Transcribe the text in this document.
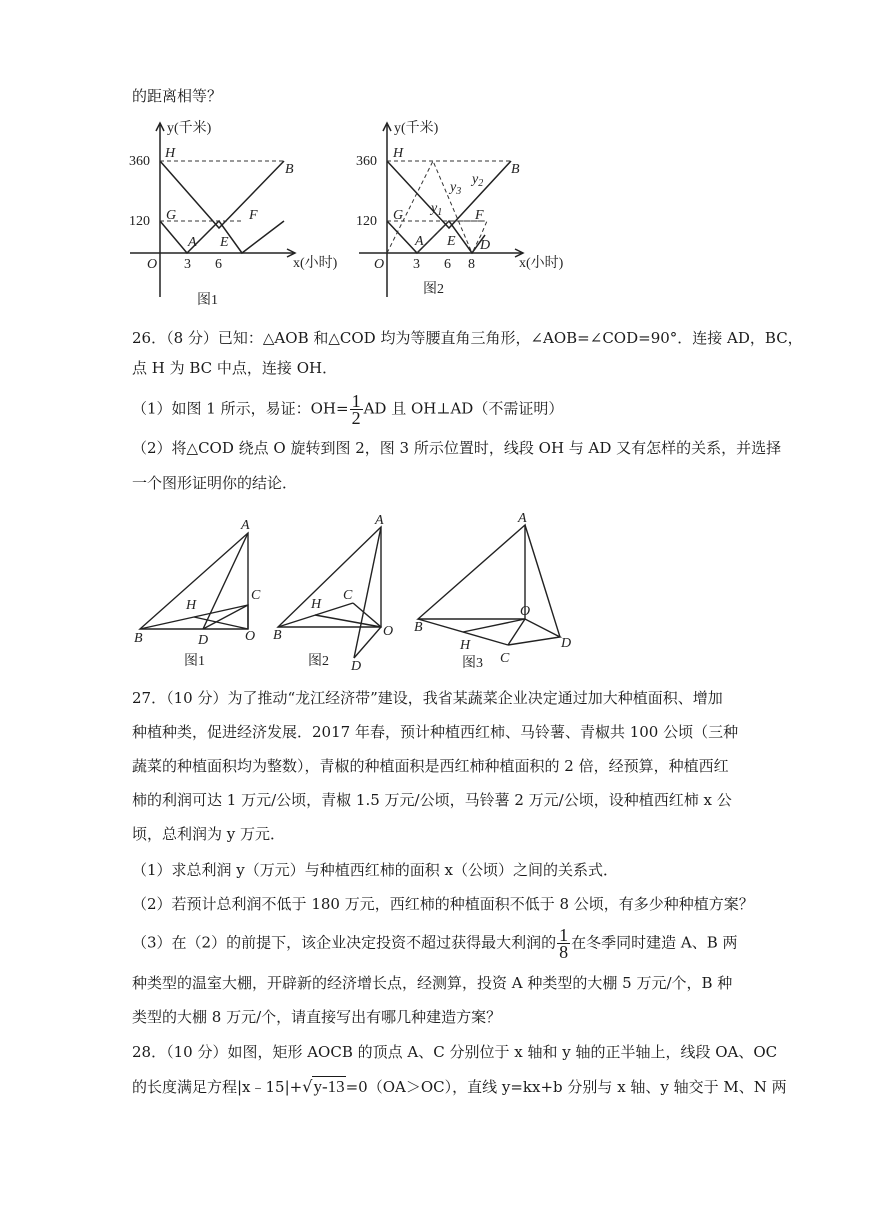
的距离相等？
y(千米)
x(小时)
O
360
120
3 6
H
B
G
A E
F
图1
y(千米)
x(小时)
O
360
120
3 6 8
H
B
G
A E
F
D
$y_3$
$y_2$
$y_1$
图2
26．（8 分）已知：△AOB 和△COD 均为等腰直角三角形，∠AOB=∠COD=90°．连接 AD，BC，
点 H 为 BC 中点，连接 OH．
（1）如图 1 所示，易证：$OH= \frac{1}{2}$ AD 且 OH⊥AD（不需证明）
（2）将△COD 绕点 O 旋转到图 2，图 3 所示位置时，线段 OH 与 AD 又有怎样的关系，并选择
一个图形证明你的结论．
A
C
H
B	D	O
A
C
H
B	O
D
A
O
B
H
C
D
图1	图2	图3
27．（10 分）为了推动“龙江经济带”建设，我省某蔬菜企业决定通过加大种植面积、增加
种植种类，促进经济发展．2017 年春，预计种植西红柿、马铃薯、青椒共 100 公顷（三种
蔬菜的种植面积均为整数），青椒的种植面积是西红柿种植面积的 2 倍，经预算，种植西红
柿的利润可达 1 万元/公顷，青椒 1.5 万元/公顷，马铃薯 2 万元/公顷，设种植西红柿 x 公
顷，总利润为 y 万元．
（1）求总利润 y（万元）与种植西红柿的面积 x（公顷）之间的关系式．
（2）若预计总利润不低于 180 万元，西红柿的种植面积不低于 8 公顷，有多少种种植方案？
（3）在（2）的前提下，该企业决定投资不超过获得最大利润的 $\frac{1}{8}$ 在冬季同时建造 A、B 两
种类型的温室大棚，开辟新的经济增长点，经测算，投资 A 种类型的大棚 5 万元/个，B 种
类型的大棚 8 万元/个，请直接写出有哪几种建造方案？
28．（10 分）如图，矩形 AOCB 的顶点 A、C 分别位于 x 轴和 y 轴的正半轴上，线段 OA、OC
的长度满足方程|x﹣15|+√y-13=0（OA＞OC），直线 y=kx+b 分别与 x 轴、y 轴交于 M、N 两
